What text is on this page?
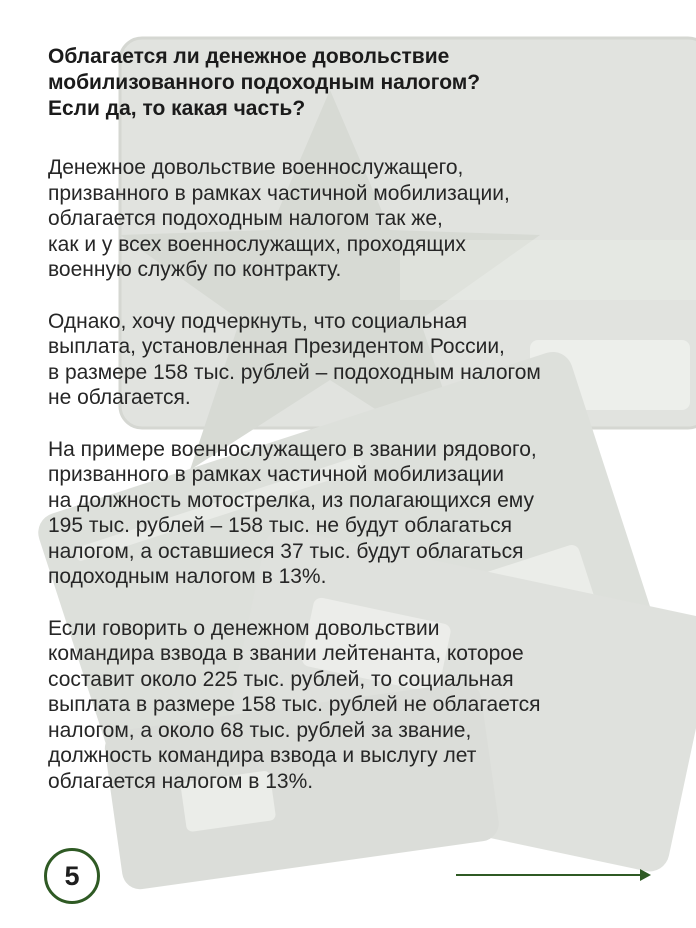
Облагается ли денежное довольствие
мобилизованного подоходным налогом?
Если да, то какая часть?

Денежное довольствие военнослужащего,
призванного в рамках частичной мобилизации,
облагается подоходным налогом так же,
как и у всех военнослужащих, проходящих
военную службу по контракту.

Однако, хочу подчеркнуть, что социальная
выплата, установленная Президентом России,
в размере 158 тыс. рублей – подоходным налогом
не облагается.

На примере военнослужащего в звании рядового,
призванного в рамках частичной мобилизации
на должность мотострелка, из полагающихся ему
195 тыс. рублей – 158 тыс. не будут облагаться
налогом, а оставшиеся 37 тыс. будут облагаться
подоходным налогом в 13%.

Если говорить о денежном довольствии
командира взвода в звании лейтенанта, которое
составит около 225 тыс. рублей, то социальная
выплата в размере 158 тыс. рублей не облагается
налогом, а около 68 тыс. рублей за звание,
должность командира взвода и выслугу лет
облагается налогом в 13%.

5
